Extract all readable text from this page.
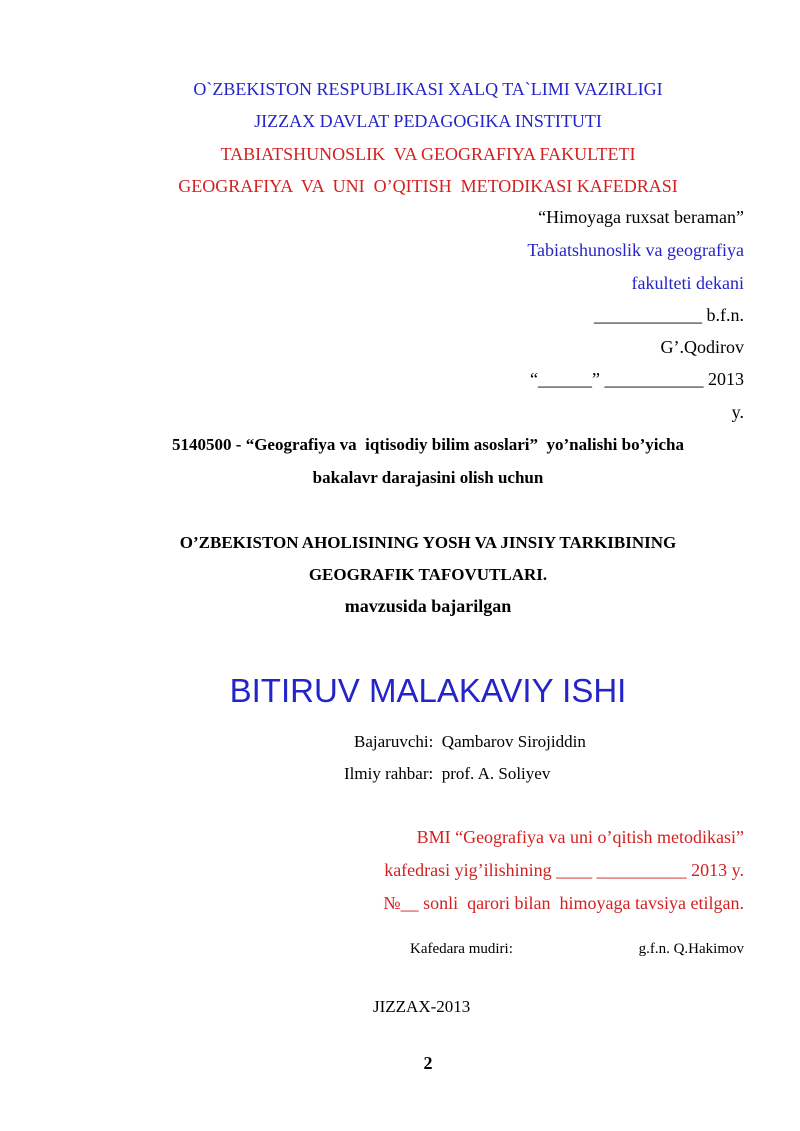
O`ZBEKISTON RESPUBLIKASI XALQ TA`LIMI VAZIRLIGI
JIZZAX DAVLAT PEDAGOGIKA INSTITUTI
TABIATSHUNOSLIK  VA GEOGRAFIYA FAKULTETI
GEOGRAFIYA  VA  UNI  O’QITISH  METODIKASI KAFEDRASI
“Himoyaga ruxsat beraman”
Tabiatshunoslik va geografiya
fakulteti dekani
____________ b.f.n.
G’.Qodirov
“______” ___________ 2013
y.
5140500 - “Geografiya va  iqtisodiy bilim asoslari”  yo’nalishi bo’yicha
bakalavr darajasini olish uchun
O’ZBEKISTON AHOLISINING YOSH VA JINSIY TARKIBINING
GEOGRAFIK TAFOVUTLARI.
mavzusida bajarilgan
BITIRUV MALAKAVIY ISHI
Bajaruvchi:  Qambarov Sirojiddin
Ilmiy rahbar:  prof. A. Soliyev
BMI “Geografiya va uni o’qitish metodikasi”
kafedrasi yig’ilishining ____ __________ 2013 y.
№__ sonli  qarori bilan  himoyaga tavsiya etilgan.
Kafedara mudiri:	g.f.n. Q.Hakimov
JIZZAX-2013
2
